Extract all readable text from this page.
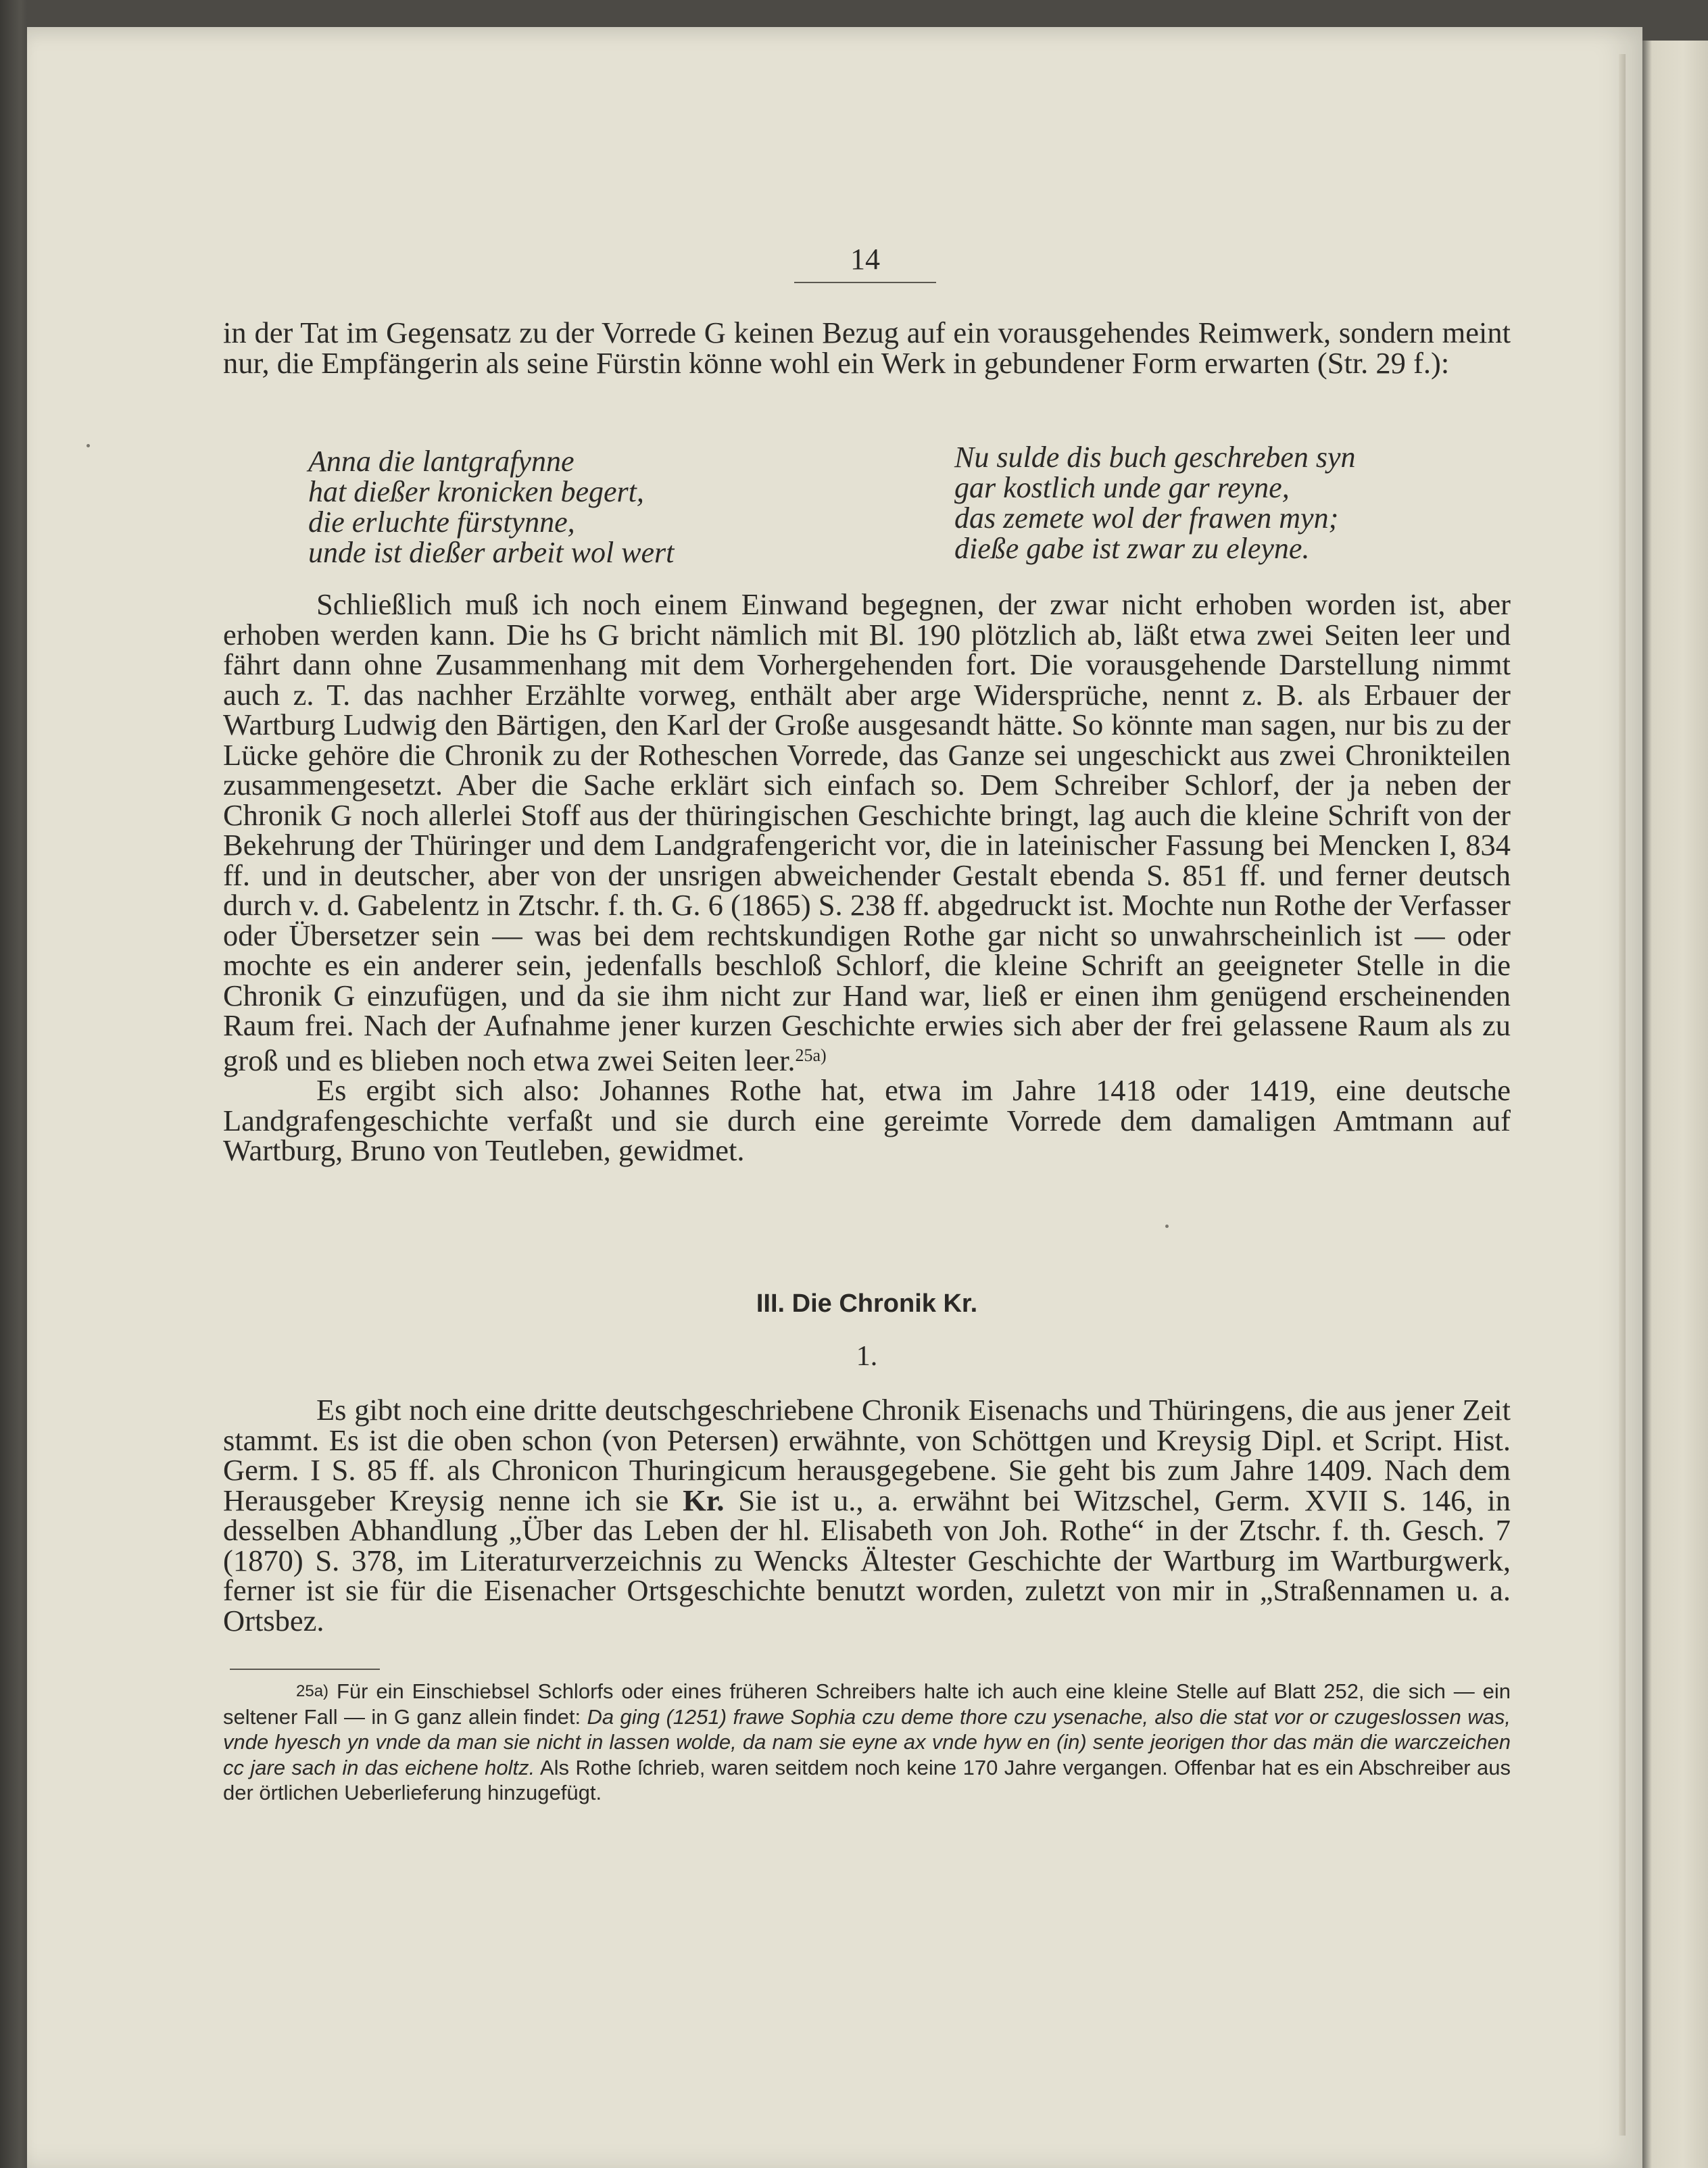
14

in der Tat im Gegensatz zu der Vorrede G keinen Bezug auf ein vorausgehendes Reimwerk, sondern meint nur, die Empfängerin als seine Fürstin könne wohl ein Werk in gebundener Form erwarten (Str. 29 f.):

Anna die lantgrafynne
hat dießer kronicken begert,
die erluchte fürstynne,
unde ist dießer arbeit wol wert
Nu sulde dis buch geschreben syn
gar kostlich unde gar reyne,
das zemete wol der frawen myn;
dieße gabe ist zwar zu eleyne.

Schließlich muß ich noch einem Einwand begegnen, der zwar nicht erhoben worden ist, aber erhoben werden kann. Die hs G bricht nämlich mit Bl. 190 plötzlich ab, läßt etwa zwei Seiten leer und fährt dann ohne Zusammenhang mit dem Vorhergehenden fort. Die vorausgehende Darstellung nimmt auch z. T. das nachher Erzählte vorweg, enthält aber arge Widersprüche, nennt z. B. als Erbauer der Wartburg Ludwig den Bärtigen, den Karl der Große ausgesandt hätte. So könnte man sagen, nur bis zu der Lücke gehöre die Chronik zu der Rotheschen Vorrede, das Ganze sei ungeschickt aus zwei Chronikteilen zusammengesetzt. Aber die Sache erklärt sich einfach so. Dem Schreiber Schlorf, der ja neben der Chronik G noch allerlei Stoff aus der thüringischen Geschichte bringt, lag auch die kleine Schrift von der Bekehrung der Thüringer und dem Landgrafengericht vor, die in lateinischer Fassung bei Mencken I, 834 ff. und in deutscher, aber von der unsrigen abweichender Gestalt ebenda S. 851 ff. und ferner deutsch durch v. d. Gabelentz in Ztschr. f. th. G. 6 (1865) S. 238 ff. abgedruckt ist. Mochte nun Rothe der Verfasser oder Übersetzer sein — was bei dem rechtskundigen Rothe gar nicht so unwahrscheinlich ist — oder mochte es ein anderer sein, jedenfalls beschloß Schlorf, die kleine Schrift an geeigneter Stelle in die Chronik G einzufügen, und da sie ihm nicht zur Hand war, ließ er einen ihm genügend erscheinenden Raum frei. Nach der Aufnahme jener kurzen Geschichte erwies sich aber der frei gelassene Raum als zu groß und es blieben noch etwa zwei Seiten leer.$^{25a)}$

Es ergibt sich also: Johannes Rothe hat, etwa im Jahre 1418 oder 1419, eine deutsche Landgrafengeschichte verfaßt und sie durch eine gereimte Vorrede dem damaligen Amtmann auf Wartburg, Bruno von Teutleben, gewidmet.

III. Die Chronik Kr.
1.

Es gibt noch eine dritte deutschgeschriebene Chronik Eisenachs und Thüringens, die aus jener Zeit stammt. Es ist die oben schon (von Petersen) erwähnte, von Schöttgen und Kreysig Dipl. et Script. Hist. Germ. I S. 85 ff. als Chronicon Thuringicum herausgegebene. Sie geht bis zum Jahre 1409. Nach dem Herausgeber Kreysig nenne ich sie Kr. Sie ist u., a. erwähnt bei Witzschel, Germ. XVII S. 146, in desselben Abhandlung „Über das Leben der hl. Elisabeth von Joh. Rothe“ in der Ztschr. f. th. Gesch. 7 (1870) S. 378, im Literaturverzeichnis zu Wencks Ältester Geschichte der Wartburg im Wartburgwerk, ferner ist sie für die Eisenacher Ortsgeschichte benutzt worden, zuletzt von mir in „Straßennamen u. a. Ortsbez.

25a) Für ein Einschiebsel Schlorfs oder eines früheren Schreibers halte ich auch eine kleine Stelle auf Blatt 252, die sich — ein seltener Fall — in G ganz allein findet: Da ging (1251) frawe Sophia czu deme thore czu ysenache, also die stat vor or czugeslossen was, vnde hyesch yn vnde da man sie nicht in lassen wolde, da nam sie eyne ax vnde hyw en (in) sente jeorigen thor das män die warczeichen cc jare sach in das eichene holtz. Als Rothe ſchrieb, waren seitdem noch keine 170 Jahre vergangen. Offenbar hat es ein Abschreiber aus der örtlichen Ueberlieferung hinzugefügt.
